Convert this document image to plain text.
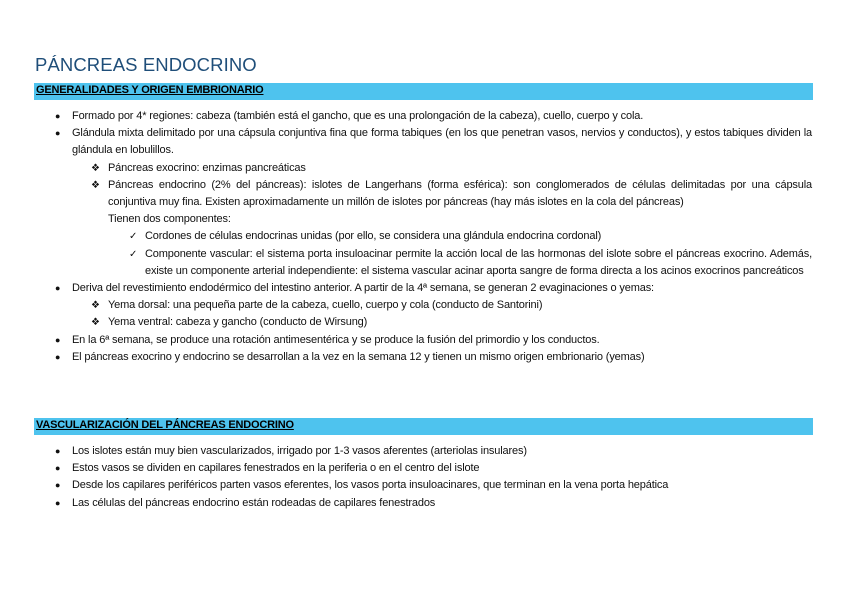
PÁNCREAS ENDOCRINO
GENERALIDADES Y ORIGEN EMBRIONARIO
● Formado por 4* regiones: cabeza (también está el gancho, que es una prolongación de la cabeza), cuello, cuerpo y cola.
● Glándula mixta delimitado por una cápsula conjuntiva fina que forma tabiques (en los que penetran vasos, nervios y conductos), y estos tabiques dividen la glándula en lobulillos.
❖ Páncreas exocrino: enzimas pancreáticas
❖ Páncreas endocrino (2% del páncreas): islotes de Langerhans (forma esférica): son conglomerados de células delimitadas por una cápsula conjuntiva muy fina. Existen aproximadamente un millón de islotes por páncreas (hay más islotes en la cola del páncreas)
Tienen dos componentes:
✓ Cordones de células endocrinas unidas (por ello, se considera una glándula endocrina cordonal)
✓ Componente vascular: el sistema porta insuloacinar permite la acción local de las hormonas del islote sobre el páncreas exocrino. Además, existe un componente arterial independiente: el sistema vascular acinar aporta sangre de forma directa a los acinos exocrinos pancreáticos
● Deriva del revestimiento endodérmico del intestino anterior. A partir de la 4ª semana, se generan 2 evaginaciones o yemas:
❖ Yema dorsal: una pequeña parte de la cabeza, cuello, cuerpo y cola (conducto de Santorini)
❖ Yema ventral: cabeza y gancho (conducto de Wirsung)
● En la 6ª semana, se produce una rotación antimesentérica y se produce la fusión del primordio y los conductos.
● El páncreas exocrino y endocrino se desarrollan a la vez en la semana 12 y tienen un mismo origen embrionario (yemas)
VASCULARIZACIÓN DEL PÁNCREAS ENDOCRINO
● Los islotes están muy bien vascularizados, irrigado por 1-3 vasos aferentes (arteriolas insulares)
● Estos vasos se dividen en capilares fenestrados en la periferia o en el centro del islote
● Desde los capilares periféricos parten vasos eferentes, los vasos porta insuloacinares, que terminan en la vena porta hepática
● Las células del páncreas endocrino están rodeadas de capilares fenestrados
